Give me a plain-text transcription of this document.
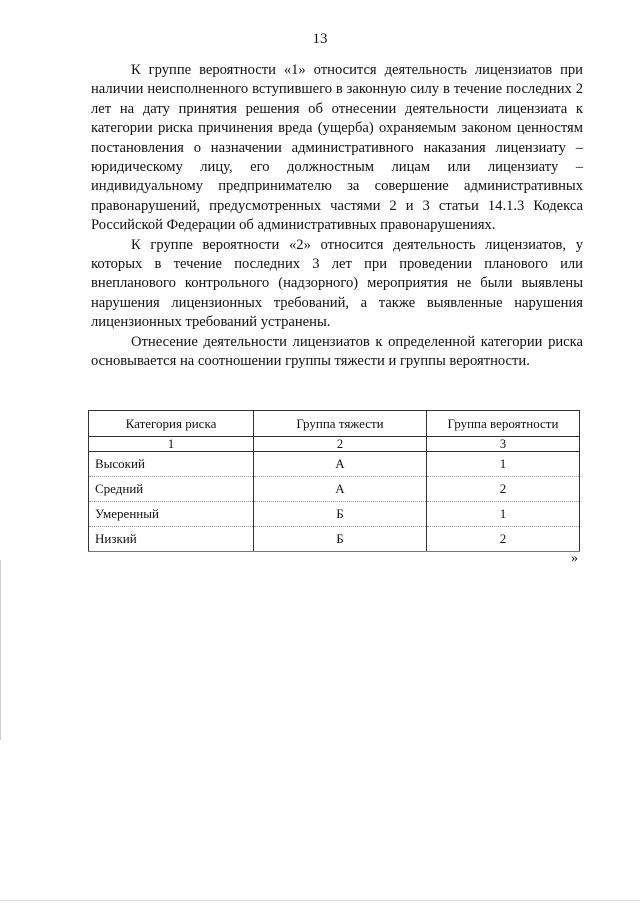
13

К группе вероятности «1» относится деятельность лицензиатов при наличии неисполненного вступившего в законную силу в течение последних 2 лет на дату принятия решения об отнесении деятельности лицензиата к категории риска причинения вреда (ущерба) охраняемым законом ценностям постановления о назначении административного наказания лицензиату – юридическому лицу, его должностным лицам или лицензиату – индивидуальному предпринимателю за совершение административных правонарушений, предусмотренных частями 2 и 3 статьи 14.1.3 Кодекса Российской Федерации об административных правонарушениях.

К группе вероятности «2» относится деятельность лицензиатов, у которых в течение последних 3 лет при проведении планового или внепланового контрольного (надзорного) мероприятия не были выявлены нарушения лицензионных требований, а также выявленные нарушения лицензионных требований устранены.

Отнесение деятельности лицензиатов к определенной категории риска основывается на соотношении группы тяжести и группы вероятности.

Категория риска	Группа тяжести	Группа вероятности
1	2	3
Высокий	А	1
Средний	А	2
Умеренный	Б	1
Низкий	Б	2
»
